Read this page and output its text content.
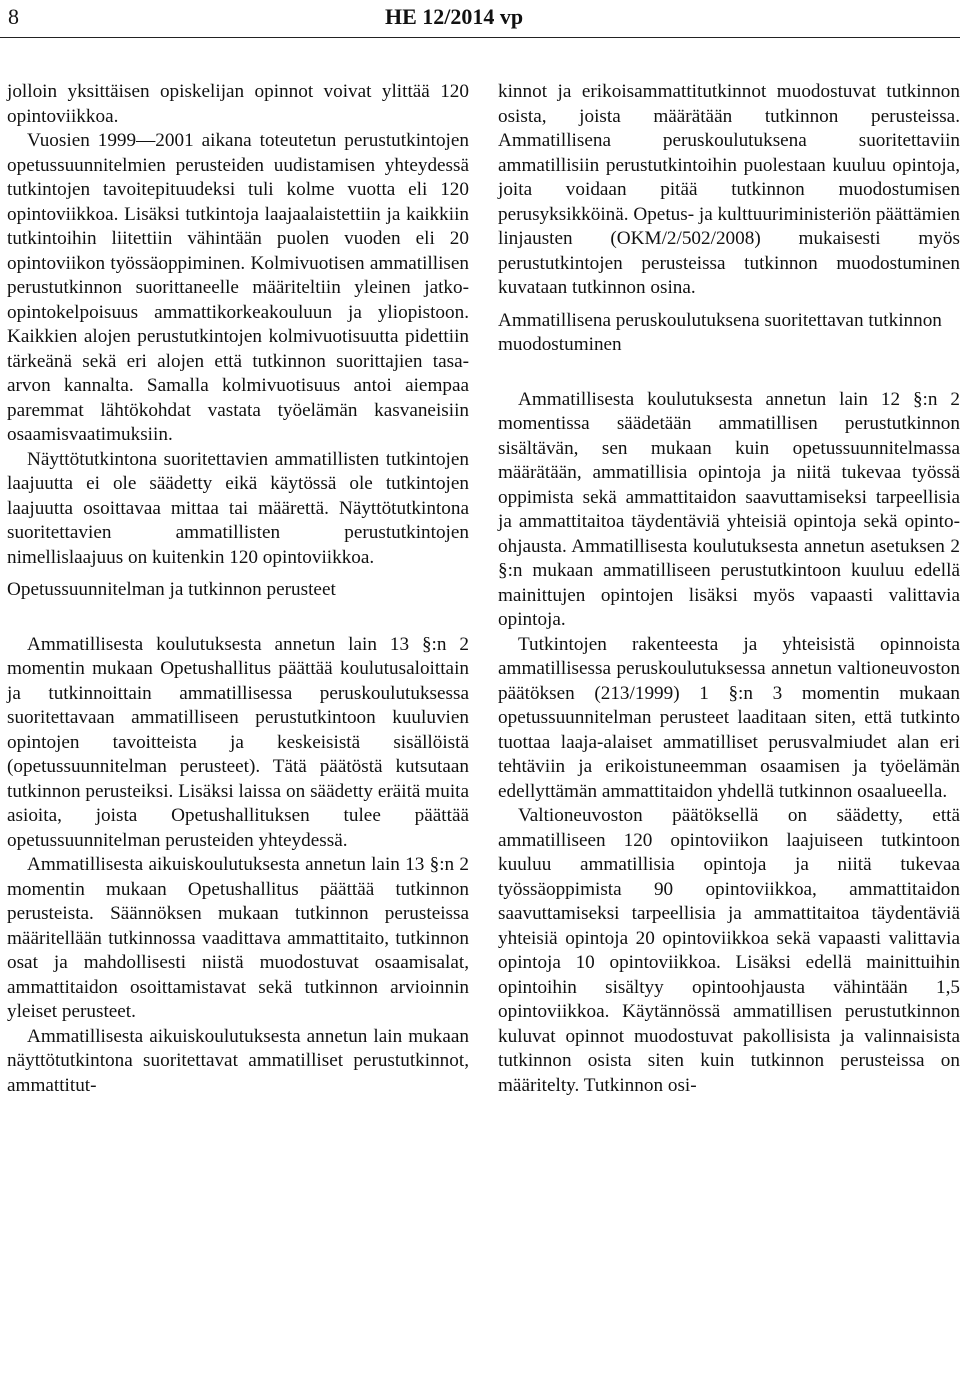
8	HE 12/2014 vp

jolloin yksittäisen opiskelijan opinnot voivat ylittää 120 opintoviikkoa.

Vuosien 1999—2001 aikana toteutetun perustutkintojen opetussuunnitelmien perusteiden uudistamisen yhteydessä tutkintojen tavoitepituudeksi tuli kolme vuotta eli 120 opintoviikkoa. Lisäksi tutkintoja laajaalaistettiin ja kaikkiin tutkintoihin liitettiin vähintään puolen vuoden eli 20 opintoviikon työssäoppiminen. Kolmivuotisen ammatillisen perustutkinnon suorittaneelle määriteltiin yleinen jatko-opintokelpoisuus ammattikorkeakouluun ja yliopistoon. Kaikkien alojen perustutkintojen kolmivuotisuutta pidettiin tärkeänä sekä eri alojen että tutkinnon suorittajien tasa-arvon kannalta. Samalla kolmivuotisuus antoi aiempaa paremmat lähtökohdat vastata työelämän kasvaneisiin osaamisvaatimuksiin.

Näyttötutkintona suoritettavien ammatillisten tutkintojen laajuutta ei ole säädetty eikä käytössä ole tutkintojen laajuutta osoittavaa mittaa tai määrettä. Näyttötutkintona suoritettavien ammatillisten perustutkintojen nimellislaajuus on kuitenkin 120 opintoviikkoa.

Opetussuunnitelman ja tutkinnon perusteet

Ammatillisesta koulutuksesta annetun lain 13 §:n 2 momentin mukaan Opetushallitus päättää koulutusaloittain ja tutkinnoittain ammatillisessa peruskoulutuksessa suoritettavaan ammatilliseen perustutkintoon kuuluvien opintojen tavoitteista ja keskeisistä sisällöistä (opetussuunnitelman perusteet). Tätä päätöstä kutsutaan tutkinnon perusteiksi. Lisäksi laissa on säädetty eräitä muita asioita, joista Opetushallituksen tulee päättää opetussuunnitelman perusteiden yhteydessä.

Ammatillisesta aikuiskoulutuksesta annetun lain 13 §:n 2 momentin mukaan Opetushallitus päättää tutkinnon perusteista. Säännöksen mukaan tutkinnon perusteissa määritellään tutkinnossa vaadittava ammattitaito, tutkinnon osat ja mahdollisesti niistä muodostuvat osaamisalat, ammattitaidon osoittamistavat sekä tutkinnon arvioinnin yleiset perusteet.

Ammatillisesta aikuiskoulutuksesta annetun lain mukaan näyttötutkintona suoritettavat ammatilliset perustutkinnot, ammattitut-

kinnot ja erikoisammattitutkinnot muodostuvat tutkinnon osista, joista määrätään tutkinnon perusteissa. Ammatillisena peruskoulutuksena suoritettaviin ammatillisiin perustutkintoihin puolestaan kuuluu opintoja, joita voidaan pitää tutkinnon muodostumisen perusyksikköinä. Opetus- ja kulttuuriministeriön päättämien linjausten (OKM/2/502/2008) mukaisesti myös perustutkintojen perusteissa tutkinnon muodostuminen kuvataan tutkinnon osina.

Ammatillisena peruskoulutuksena suoritettavan tutkinnon muodostuminen

Ammatillisesta koulutuksesta annetun lain 12 §:n 2 momentissa säädetään ammatillisen perustutkinnon sisältävän, sen mukaan kuin opetussuunnitelmassa määrätään, ammatillisia opintoja ja niitä tukevaa työssä oppimista sekä ammattitaidon saavuttamiseksi tarpeellisia ja ammattitaitoa täydentäviä yhteisiä opintoja sekä opinto-ohjausta. Ammatillisesta koulutuksesta annetun asetuksen 2 §:n mukaan ammatilliseen perustutkintoon kuuluu edellä mainittujen opintojen lisäksi myös vapaasti valittavia opintoja.

Tutkintojen rakenteesta ja yhteisistä opinnoista ammatillisessa peruskoulutuksessa annetun valtioneuvoston päätöksen (213/1999) 1 §:n 3 momentin mukaan opetussuunnitelman perusteet laaditaan siten, että tutkinto tuottaa laaja-alaiset ammatilliset perusvalmiudet alan eri tehtäviin ja erikoistuneemman osaamisen ja työelämän edellyttämän ammattitaidon yhdellä tutkinnon osaalueella.

Valtioneuvoston päätöksellä on säädetty, että ammatilliseen 120 opintoviikon laajuiseen tutkintoon kuuluu ammatillisia opintoja ja niitä tukevaa työssäoppimista 90 opintoviikkoa, ammattitaidon saavuttamiseksi tarpeellisia ja ammattitaitoa täydentäviä yhteisiä opintoja 20 opintoviikkoa sekä vapaasti valittavia opintoja 10 opintoviikkoa. Lisäksi edellä mainittuihin opintoihin sisältyy opintoohjausta vähintään 1,5 opintoviikkoa. Käytännössä ammatillisen perustutkinnon kuluvat opinnot muodostuvat pakollisista ja valinnaisista tutkinnon osista siten kuin tutkinnon perusteissa on määritelty. Tutkinnon osi-
